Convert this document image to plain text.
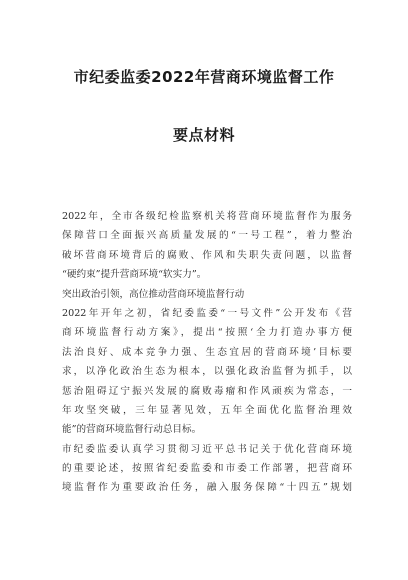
市纪委监委2022年营商环境监督工作
要点材料
2022年，全市各级纪检监察机关将营商环境监督作为服务
保障营口全面振兴高质量发展的“一号工程”，着力整治
破坏营商环境背后的腐败、作风和失职失责问题，以监督
“硬约束”提升营商环境“软实力”。
突出政治引领，高位推动营商环境监督行动
2022年开年之初，省纪委监委“一号文件”公开发布《营
商环境监督行动方案》，提出“按照‘全力打造办事方便
法治良好、成本竞争力强、生态宜居的营商环境’目标要
求，以净化政治生态为根本，以强化政治监督为抓手，以
惩治阻碍辽宁振兴发展的腐败毒瘤和作风顽疾为常态，一
年攻坚突破，三年显著见效，五年全面优化监督治理效
能”的营商环境监督行动总目标。
市纪委监委认真学习贯彻习近平总书记关于优化营商环境
的重要论述，按照省纪委监委和市委工作部署，把营商环
境监督作为重要政治任务，融入服务保障“十四五”规划
